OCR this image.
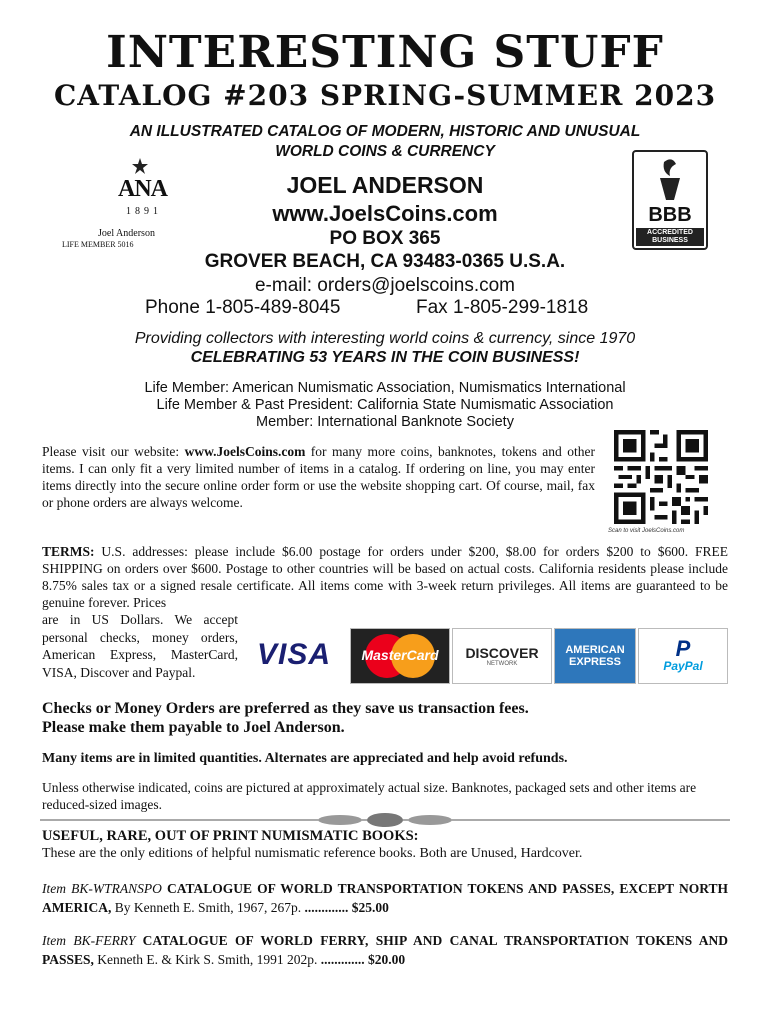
INTERESTING STUFF
CATALOG #203 SPRING-SUMMER 2023
AN ILLUSTRATED CATALOG OF MODERN, HISTORIC AND UNUSUAL
WORLD COINS & CURRENCY
ANA
1891
Joel Anderson
LIFE MEMBER 5016
BBB
ACCREDITED
BUSINESS
JOEL ANDERSON
www.JoelsCoins.com
PO BOX 365
GROVER BEACH, CA 93483-0365 U.S.A.
e-mail: orders@joelscoins.com
Phone 1-805-489-8045	Fax 1-805-299-1818
Providing collectors with interesting world coins & currency, since 1970
CELEBRATING 53 YEARS IN THE COIN BUSINESS!
Life Member: American Numismatic Association, Numismatics International
Life Member & Past President: California State Numismatic Association
Member: International Banknote Society
Please visit our website: www.JoelsCoins.com for many more coins, banknotes, tokens and other items. I can only fit a very limited number of items in a catalog. If ordering on line, you may enter items directly into the secure online order form or use the website shopping cart. Of course, mail, fax or phone orders are always welcome.
Scan to visit JoelsCoins.com
TERMS: U.S. addresses: please include $6.00 postage for orders under $200, $8.00 for orders $200 to $600. FREE SHIPPING on orders over $600. Postage to other countries will be based on actual costs. California residents please include 8.75% sales tax or a signed resale certificate. All items come with 3-week return privileges. All items are guaranteed to be genuine forever. Prices
are in US Dollars. We accept personal checks, money orders, American Express, MasterCard, VISA, Discover and Paypal.
VISA	MasterCard	DISCOVER
NETWORK
AMERICAN
EXPRESS
P
PayPal
Checks or Money Orders are preferred as they save us transaction fees.
Please make them payable to Joel Anderson.
Many items are in limited quantities. Alternates are appreciated and help avoid refunds.
Unless otherwise indicated, coins are pictured at approximately actual size. Banknotes, packaged sets and other items are reduced-sized images.
USEFUL, RARE, OUT OF PRINT NUMISMATIC BOOKS:
These are the only editions of helpful numismatic reference books. Both are Unused, Hardcover.
Item BK-WTRANSPO CATALOGUE OF WORLD TRANSPORTATION TOKENS AND PASSES, EXCEPT NORTH AMERICA, By Kenneth E. Smith, 1967, 267p. ............. $25.00
Item BK-FERRY CATALOGUE OF WORLD FERRY, SHIP AND CANAL TRANSPORTATION TOKENS AND PASSES, Kenneth E. & Kirk S. Smith, 1991 202p. ............. $20.00
